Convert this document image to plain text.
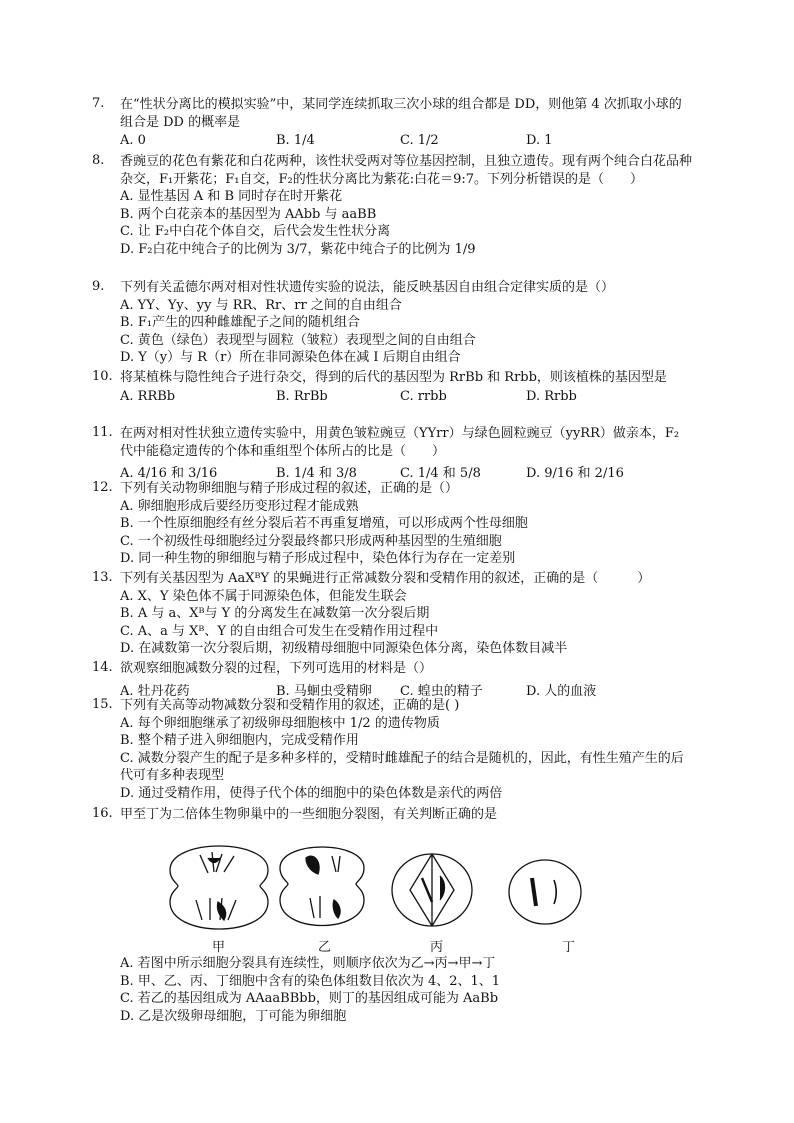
7.	在“性状分离比的模拟实验”中，某同学连续抓取三次小球的组合都是 DD，则他第 4 次抓取小球的组合是 DD 的概率是
A. 0	B. 1/4	C. 1/2	D. 1
8.	香豌豆的花色有紫花和白花两种，该性状受两对等位基因控制，且独立遗传。现有两个纯合白花品种杂交，F₁开紫花；F₁自交，F₂的性状分离比为紫花:白花＝9:7。下列分析错误的是（　　）
A. 显性基因 A 和 B 同时存在时开紫花
B. 两个白花亲本的基因型为 AAbb 与 aaBB
C. 让 F₂中白花个体自交，后代会发生性状分离
D. F₂白花中纯合子的比例为 3/7，紫花中纯合子的比例为 1/9
9.	下列有关孟德尔两对相对性状遗传实验的说法，能反映基因自由组合定律实质的是（）
A. YY、Yy、yy 与 RR、Rr、rr 之间的自由组合
B. F₁产生的四种雌雄配子之间的随机组合
C. 黄色（绿色）表现型与圆粒（皱粒）表现型之间的自由组合
D. Y（y）与 R（r）所在非同源染色体在减 I 后期自由组合
10. 将某植株与隐性纯合子进行杂交，得到的后代的基因型为 RrBb 和 Rrbb，则该植株的基因型是
A. RRBb	B. RrBb	C. rrbb	D. Rrbb
11. 在两对相对性状独立遗传实验中，用黄色皱粒豌豆（YYrr）与绿色圆粒豌豆（yyRR）做亲本，F₂代中能稳定遗传的个体和重组型个体所占的比是（　　）
A. 4/16 和 3/16	B. 1/4 和 3/8	C. 1/4 和 5/8	D. 9/16 和 2/16
12. 下列有关动物卵细胞与精子形成过程的叙述，正确的是（）
A. 卵细胞形成后要经历变形过程才能成熟
B. 一个性原细胞经有丝分裂后若不再重复增殖，可以形成两个性母细胞
C. 一个初级性母细胞经过分裂最终都只形成两种基因型的生殖细胞
D. 同一种生物的卵细胞与精子形成过程中，染色体行为存在一定差别
13. 下列有关基因型为 AaXᴮY 的果蝇进行正常减数分裂和受精作用的叙述，正确的是（　　　）
A. X、Y 染色体不属于同源染色体，但能发生联会
B. A 与 a、Xᴮ与 Y 的分离发生在减数第一次分裂后期
C. A、a 与 Xᴮ、Y 的自由组合可发生在受精作用过程中
D. 在减数第一次分裂后期，初级精母细胞中同源染色体分离，染色体数目减半
14. 欲观察细胞减数分裂的过程，下列可选用的材料是（）
A. 牡丹花药	B. 马蛔虫受精卵 C. 蝗虫的精子	D. 人的血液
15. 下列有关高等动物减数分裂和受精作用的叙述，正确的是( )
A. 每个卵细胞继承了初级卵母细胞核中 1/2 的遗传物质
B. 整个精子进入卵细胞内，完成受精作用
C. 减数分裂产生的配子是多种多样的，受精时雌雄配子的结合是随机的，因此，有性生殖产生的后代可有多种表现型
D. 通过受精作用，使得子代个体的细胞中的染色体数是亲代的两倍
16. 甲至丁为二倍体生物卵巢中的一些细胞分裂图，有关判断正确的是
甲	乙	丙	丁
A. 若图中所示细胞分裂具有连续性，则顺序依次为乙→丙→甲→丁
B. 甲、乙、丙、丁细胞中含有的染色体组数目依次为 4、2、1、1
C. 若乙的基因组成为 AAaaBBbb，则丁的基因组成可能为 AaBb
D. 乙是次级卵母细胞，丁可能为卵细胞
